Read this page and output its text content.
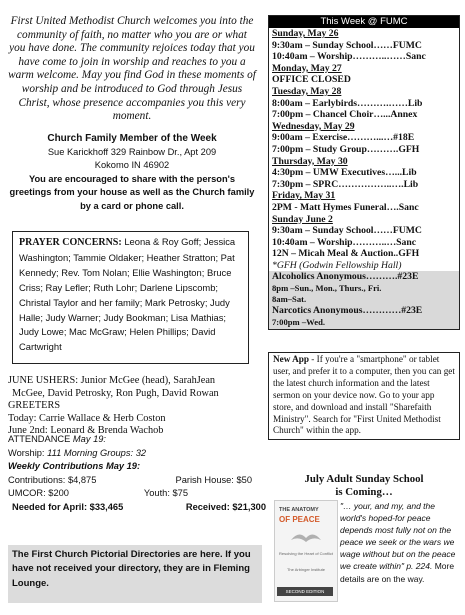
First United Methodist Church welcomes you into the community of faith, no matter who you are or what you have done. The community rejoices today that you have come to join in worship and reaches to you a warm welcome. May you find God in these moments of worship and be introduced to God through Jesus Christ, whose presence accompanies you this very moment.
Church Family Member of the Week
Sue Karickhoff 329 Rainbow Dr., Apt 209
Kokomo IN 46902
You are encouraged to share with the person's greetings from your house as well as the Church family by a card or phone call.
PRAYER CONCERNS: Leona & Roy Goff; Jessica Washington; Tammie Oldaker; Heather Stratton; Pat Kennedy; Rev. Tom Nolan; Ellie Washington; Bruce Criss; Ray Lefler; Ruth Lohr; Darlene Lipscomb; Christal Taylor and her family; Mark Petrosky; Judy Halle; Judy Warner; Judy Bookman; Lisa Mathias; Judy Lowe; Mac McGraw; Helen Phillips; David Cartwright
JUNE USHERS: Junior McGee (head), SarahJean
McGee, David Petrosky, Ron Pugh, David Rowan
GREETERS
Today: Carrie Wallace & Herb Coston
June 2nd: Leonard & Brenda Wachob
ATTENDANCE May 19:
Worship: 111 Morning Groups: 32
Weekly Contributions May 19:
Contributions: $4,875	Parish House: $50
UMCOR: $200	Youth: $75
Needed for April: $33,465	Received: $21,300
The First Church Pictorial Directories are here. If you have not received your directory, they are in Fleming Lounge.
This Week @ FUMC
Sunday, May 26
9:30am – Sunday School……FUMC
10:40am – Worship………..……Sanc
Monday, May 27
OFFICE CLOSED
Tuesday, May 28
8:00am – Earlybirds……….……Lib
7:00pm – Chancel Choir…...Annex
Wednesday, May 29
9:00am – Exercise………...…#18E
7:00pm – Study Group……….GFH
Thursday, May 30
4:30pm – UMW Executives…...Lib
7:30pm – SPRC……………..….Lib
Friday, May 31
2PM - Matt Hymes Funeral….Sanc
Sunday June 2
9:30am – Sunday School……FUMC
10:40am – Worship………..…Sanc
12N – Micah Meal & Auction..GFH
*GFH (Godwin Fellowship Hall)
Alcoholics Anonymous……….#23E
8pm –Sun., Mon., Thurs., Fri.
8am–Sat.
Narcotics Anonymous…………#23E
7:00pm –Wed.
New App - If you're a "smartphone" or tablet user, and prefer it to a computer, then you can get the latest church information and the latest sermon on your device now. Go to your app store, and download and install "Sharefaith Ministry". Search for "First United Methodist Church" within the app.
July Adult Sunday School
is Coming…
THE ANATOMY
OF PEACE
Resolving the Heart of Conflict
The Arbinger Institute
SECOND EDITION
"… your, and my, and the world's hoped-for peace depends most fully not on the peace we seek or the wars we wage without but on the peace we create within" p. 224. More details are on the way.
